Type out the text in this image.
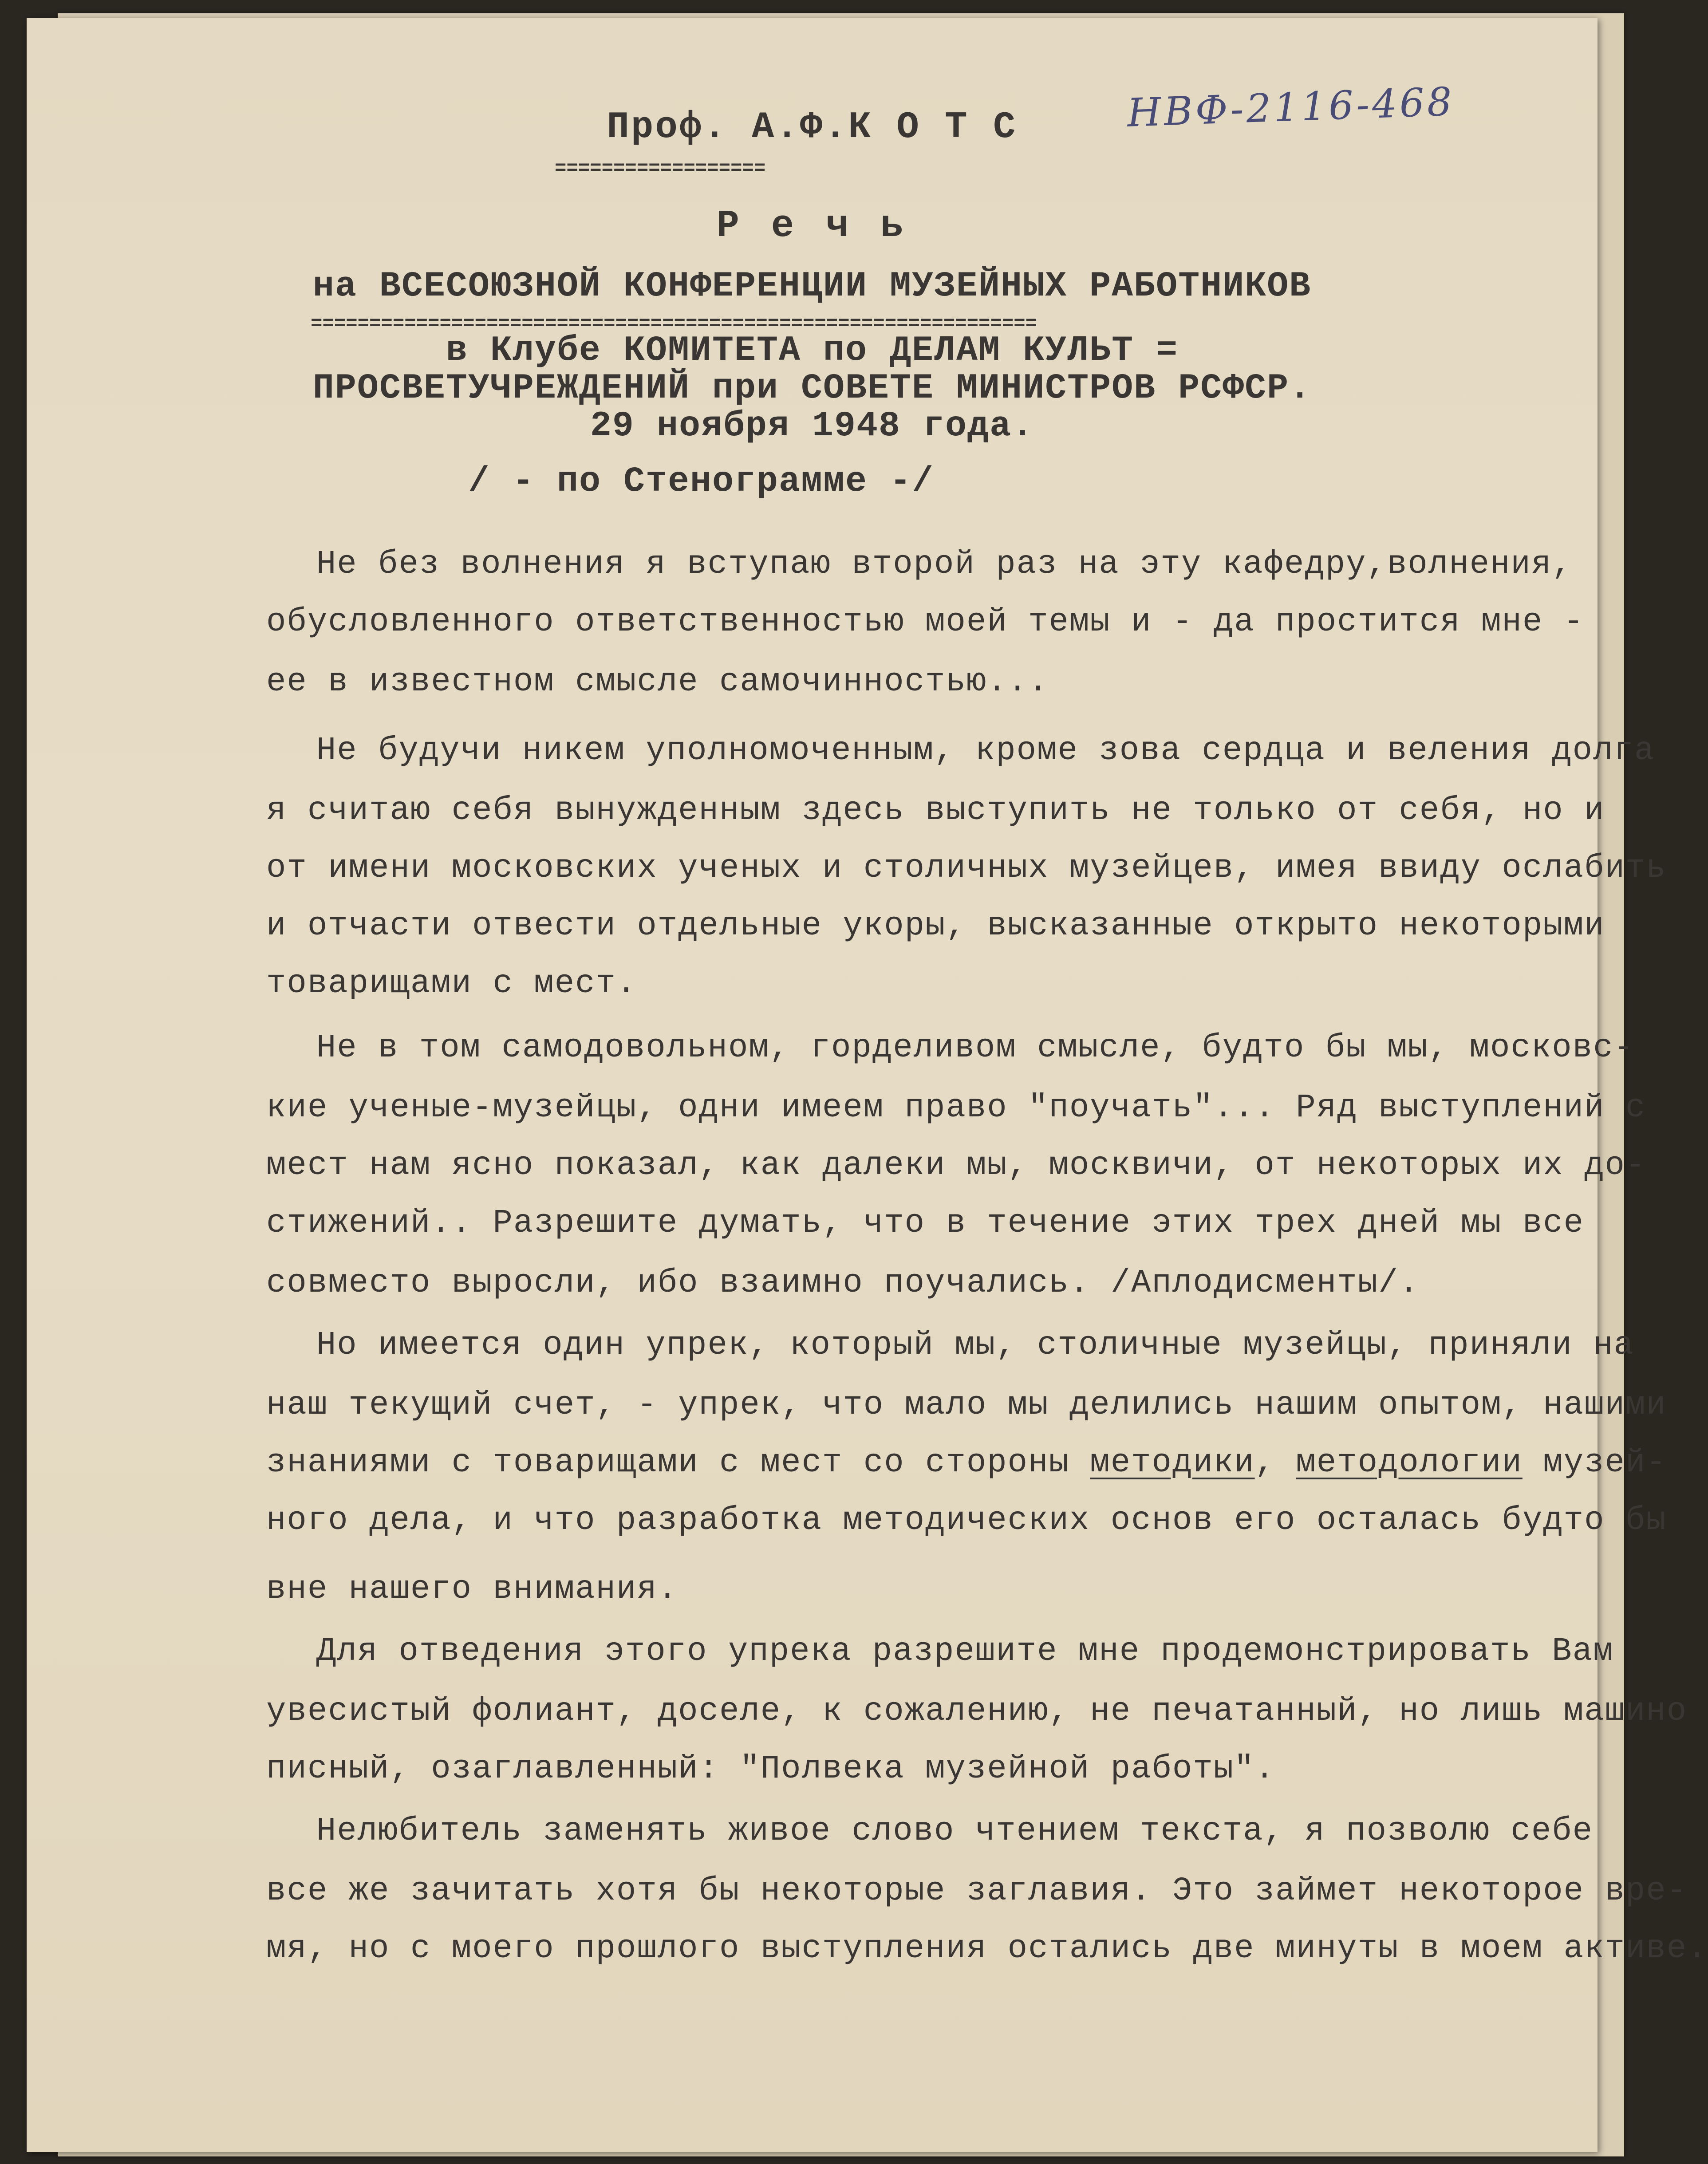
НВФ-2116-468
Проф. А.Ф.К О Т С
==================
Р е ч ь
на ВСЕСОЮЗНОЙ КОНФЕРЕНЦИИ МУЗЕЙНЫХ РАБОТНИКОВ
==============================================================
в Клубе КОМИТЕТА по ДЕЛАМ КУЛЬТ =
ПРОСВЕТУЧРЕЖДЕНИЙ при СОВЕТЕ МИНИСТРОВ РСФСР.
29 ноября 1948 года.
/ - по Стенограмме -/
Не без волнения я вступаю второй раз на эту кафедру,волнения,
обусловленного ответственностью моей темы и - да простится мне -
ее в известном смысле самочинностью...
Не будучи никем уполномоченным, кроме зова сердца и веления долга
я считаю себя вынужденным здесь выступить не только от себя, но и
от имени московских ученых и столичных музейцев, имея ввиду ослабить
и отчасти отвести отдельные укоры, высказанные открыто некоторыми
товарищами с мест.
Не в том самодовольном, горделивом смысле, будто бы мы, московс-
кие ученые-музейцы, одни имеем право "поучать"... Ряд выступлений с
мест нам ясно показал, как далеки мы, москвичи, от некоторых их до-
стижений.. Разрешите думать, что в течение этих трех дней мы все
совместо выросли, ибо взаимно поучались. /Аплодисменты/.
Но имеется один упрек, который мы, столичные музейцы, приняли на
наш текущий счет, - упрек, что мало мы делились нашим опытом, нашими
знаниями с товарищами с мест со стороны методики, методологии музей-
ного дела, и что разработка методических основ его осталась будто бы
вне нашего внимания.
Для отведения этого упрека разрешите мне продемонстрировать Вам
увесистый фолиант, доселе, к сожалению, не печатанный, но лишь машино
писный, озаглавленный: "Полвека музейной работы".
Нелюбитель заменять живое слово чтением текста, я позволю себе
все же зачитать хотя бы некоторые заглавия. Это займет некоторое вре-
мя, но с моего прошлого выступления остались две минуты в моем активе.
